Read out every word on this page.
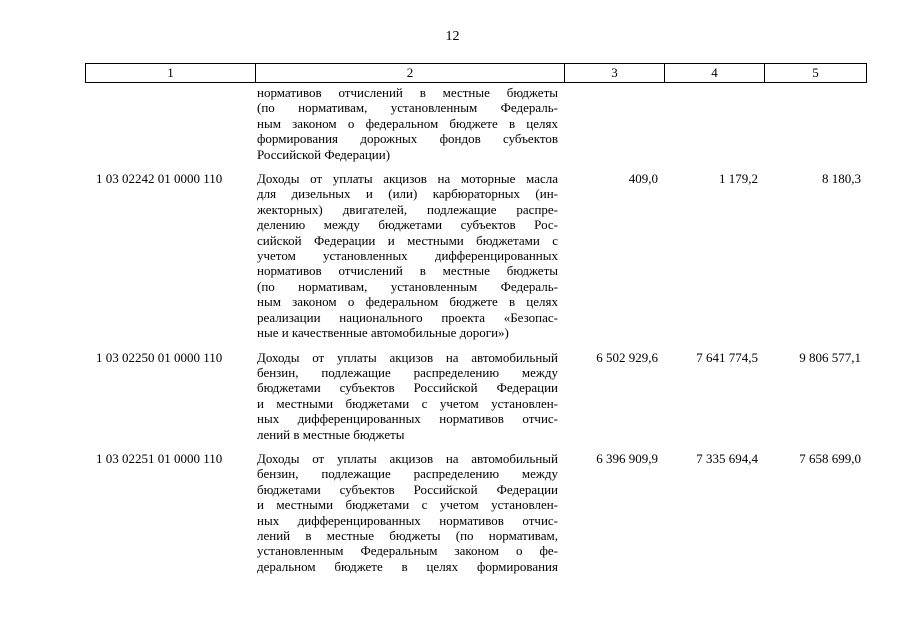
12
1	2	3	4	5
нормативов отчислений в местные бюджеты
(по нормативам, установленным Федераль-
ным законом о федеральном бюджете в целях
формирования дорожных фондов субъектов
Российской Федерации)
1 03 02242 01 0000 110	Доходы от уплаты акцизов на моторные масла
для дизельных и (или) карбюраторных (ин-
жекторных) двигателей, подлежащие распре-
делению между бюджетами субъектов Рос-
сийской Федерации и местными бюджетами с
учетом установленных дифференцированных
нормативов отчислений в местные бюджеты
(по нормативам, установленным Федераль-
ным законом о федеральном бюджете в целях
реализации национального проекта «Безопас-
ные и качественные автомобильные дороги»)
409,0	1 179,2	8 180,3
1 03 02250 01 0000 110	Доходы от уплаты акцизов на автомобильный
бензин, подлежащие распределению между
бюджетами субъектов Российской Федерации
и местными бюджетами с учетом установлен-
ных дифференцированных нормативов отчис-
лений в местные бюджеты
6 502 929,6	7 641 774,5	9 806 577,1
1 03 02251 01 0000 110	Доходы от уплаты акцизов на автомобильный
бензин, подлежащие распределению между
бюджетами субъектов Российской Федерации
и местными бюджетами с учетом установлен-
ных дифференцированных нормативов отчис-
лений в местные бюджеты (по нормативам,
установленным Федеральным законом о фе-
деральном бюджете в целях формирования
6 396 909,9	7 335 694,4	7 658 699,0
